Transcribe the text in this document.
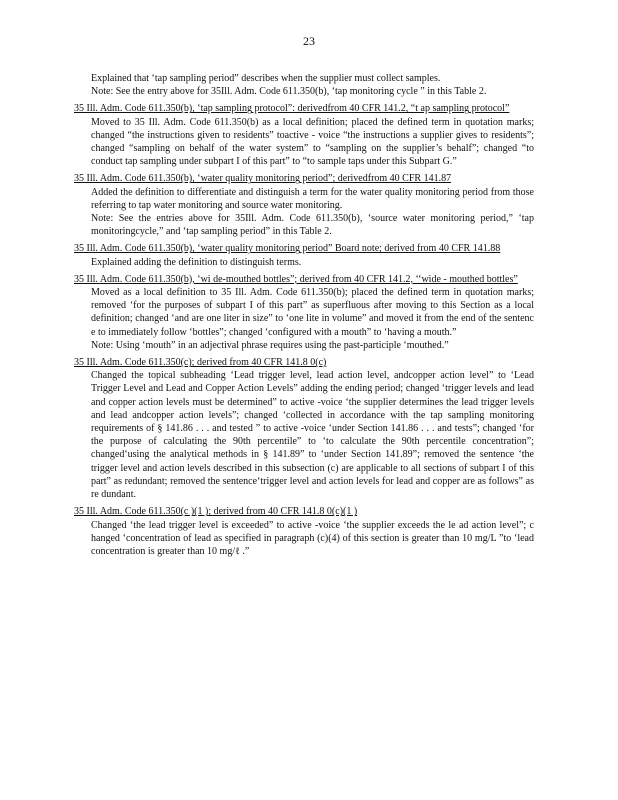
23

Explained that ‘tap sampling period” describes when the supplier must collect samples.

Note: See the entry above for 35Ill. Adm. Code 611.350(b), ‘tap monitoring cycle ” in this Table 2.

35 Ill. Adm. Code 611.350(b), ‘tap sampling protocol”: derivedfrom 40 CFR 141.2, “t ap sampling protocol”

Moved to 35 Ill. Adm. Code 611.350(b) as a local definition; placed the defined term in quotation marks; changed “the instructions given to residents” toactive - voice “the instructions a supplier gives to residents”; changed “sampling on behalf of the water system” to “sampling on the supplier’s behalf”; changed “to conduct tap sampling under subpart I of this part” to “to sample taps under this Subpart G.”

35 Ill. Adm. Code 611.350(b), ‘water quality monitoring period”; derivedfrom 40 CFR 141.87

Added the definition to differentiate and distinguish a term for the water quality monitoring period from those referring to tap water monitoring and source water monitoring.

Note: See the entries above for 35Ill. Adm. Code 611.350(b), ‘source water monitoring period,” ‘tap monitoringcycle,” and ‘tap sampling period” in this Table 2.

35 Ill. Adm. Code 611.350(b), ‘water quality monitoring period” Board note; derived from 40 CFR 141.88

Explained adding the definition to distinguish terms.

35 Ill. Adm. Code 611.350(b), ‘wi de-mouthed bottles”; derived from 40 CFR 141.2, ‘‘wide - mouthed bottles”

Moved as a local definition to 35 Ill. Adm. Code 611.350(b); placed the defined term in quotation marks; removed ‘for the purposes of subpart I of this part” as superfluous after moving to this Section as a local definition; changed ‘and are one liter in size” to ‘one lite in volume” and moved it from the end of the sentenc e to immediately follow ‘bottles”; changed ‘configured with a mouth” to ‘having a mouth.”

Note: Using ‘mouth” in an adjectival phrase requires using the past-participle ‘mouthed.”

35 Ill. Adm. Code 611.350(c); derived from 40 CFR 141.8 0(c)

Changed the topical subheading ‘Lead trigger level, lead action level, andcopper action level” to ‘Lead Trigger Level and Lead and Copper Action Levels” adding the ending period; changed ‘trigger levels and lead and copper action levels must be determined” to active -voice ‘the supplier determines the lead trigger levels and lead andcopper action levels”; changed ‘collected in accordance with the tap sampling monitoring requirements of § 141.86 . . . and tested ” to active -voice ‘under Section 141.86 . . . and tests”; changed ‘for the purpose of calculating the 90th percentile” to ‘to calculate the 90th percentile concentration”; changed‘using the analytical methods in § 141.89” to ‘under Section 141.89”; removed the sentence ‘the trigger level and action levels described in this subsection (c) are applicable to all sections of subpart I of this part” as redundant; removed the sentence‘trigger level and action levels for lead and copper are as follows” as re dundant.

35 Ill. Adm. Code 611.350(c )(1 ); derived from 40 CFR 141.8 0(c)(1 )

Changed ‘the lead trigger level is exceeded” to active -voice ‘the supplier exceeds the le ad action level”; c hanged ‘concentration of lead as specified in paragraph (c)(4) of this section is greater than 10 mg/L ”to ‘lead concentration is greater than 10 mg/ℓ .”
